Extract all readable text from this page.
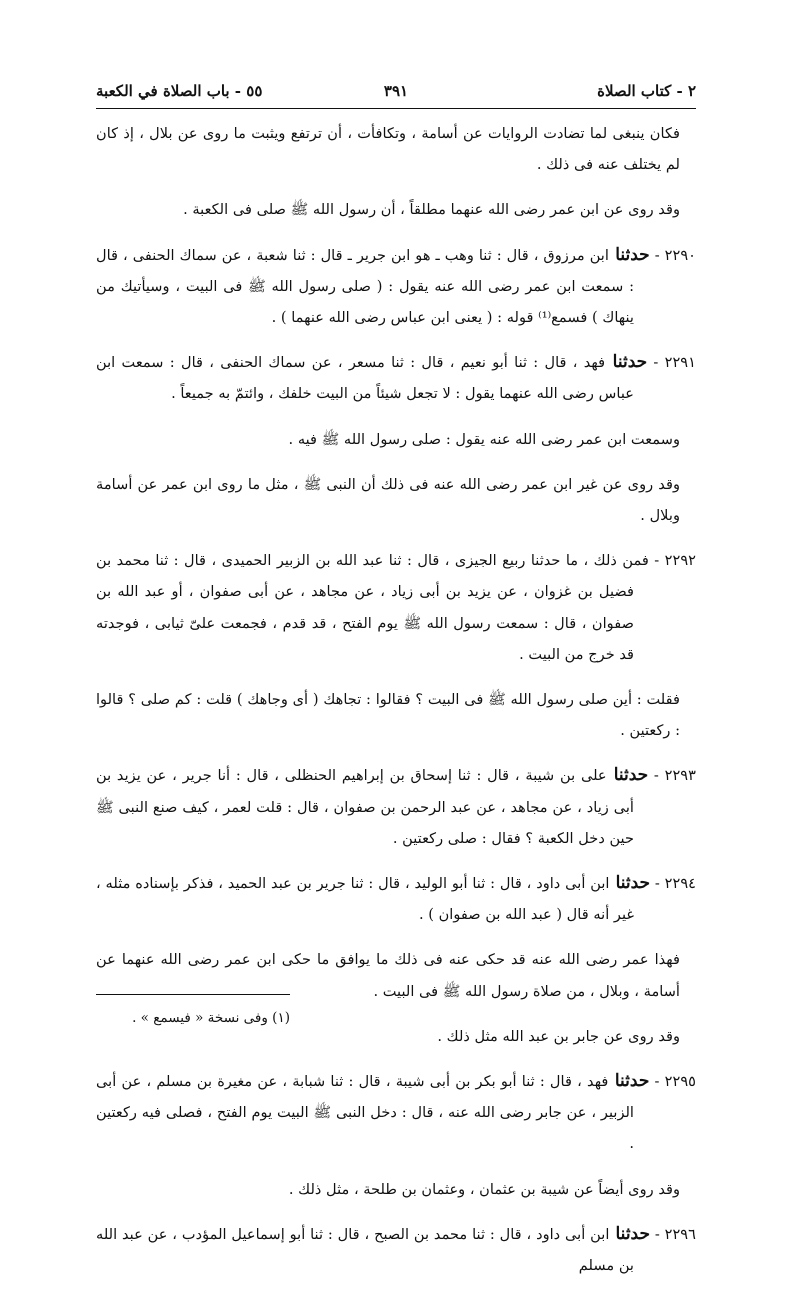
٢ - كتاب الصلاة
٣٩١
٥٥ - باب الصلاة في الكعبة

فكان ينبغى لما تضادت الروايات عن أسامة ، وتكافأت ، أن ترتفع ويثبت ما روى عن بلال ، إذ كان لم يختلف عنه فى ذلك .

وقد روى عن ابن عمر رضى الله عنهما مطلقاً ، أن رسول الله ﷺ صلى فى الكعبة .

٢٢٩٠ - حدثنا ابن مرزوق ، قال : ثنا وهب ـ هو ابن جرير ـ قال : ثنا شعبة ، عن سماك الحنفى ، قال : سمعت ابن عمر رضى الله عنه يقول : ( صلى رسول الله ﷺ فى البيت ، وسيأتيك من ينهاك ) فسمع⁽¹⁾ قوله : ( يعنى ابن عباس رضى الله عنهما ) .

٢٢٩١ - حدثنا فهد ، قال : ثنا أبو نعيم ، قال : ثنا مسعر ، عن سماك الحنفى ، قال : سمعت ابن عباس رضى الله عنهما يقول : لا تجعل شيئاً من البيت خلفك ، وائتمّ به جميعاً .

وسمعت ابن عمر رضى الله عنه يقول : صلى رسول الله ﷺ فيه .

وقد روى عن غير ابن عمر رضى الله عنه فى ذلك أن النبى ﷺ ، مثل ما روى ابن عمر عن أسامة وبلال .

٢٢٩٢ - فمن ذلك ، ما حدثنا ربيع الجيزى ، قال : ثنا عبد الله بن الزبير الحميدى ، قال : ثنا محمد بن فضيل بن غزوان ، عن يزيد بن أبى زياد ، عن مجاهد ، عن أبى صفوان ، أو عبد الله بن صفوان ، قال : سمعت رسول الله ﷺ يوم الفتح ، قد قدم ، فجمعت علىّ ثيابى ، فوجدته قد خرج من البيت .

فقلت : أين صلى رسول الله ﷺ فى البيت ؟ فقالوا : تجاهك ( أى وجاهك ) قلت : كم صلى ؟ قالوا : ركعتين .

٢٢٩٣ - حدثنا على بن شيبة ، قال : ثنا إسحاق بن إبراهيم الحنظلى ، قال : أنا جرير ، عن يزيد بن أبى زياد ، عن مجاهد ، عن عبد الرحمن بن صفوان ، قال : قلت لعمر ، كيف صنع النبى ﷺ حين دخل الكعبة ؟ فقال : صلى ركعتين .

٢٢٩٤ - حدثنا ابن أبى داود ، قال : ثنا أبو الوليد ، قال : ثنا جرير بن عبد الحميد ، فذكر بإسناده مثله ، غير أنه قال ( عبد الله بن صفوان ) .

فهذا عمر رضى الله عنه قد حكى عنه فى ذلك ما يوافق ما حكى ابن عمر رضى الله عنهما عن أسامة ، وبلال ، من صلاة رسول الله ﷺ فى البيت .

وقد روى عن جابر بن عبد الله مثل ذلك .

٢٢٩٥ - حدثنا فهد ، قال : ثنا أبو بكر بن أبى شيبة ، قال : ثنا شبابة ، عن مغيرة بن مسلم ، عن أبى الزبير ، عن جابر رضى الله عنه ، قال : دخل النبى ﷺ البيت يوم الفتح ، فصلى فيه ركعتين .

وقد روى أيضاً عن شيبة بن عثمان ، وعثمان بن طلحة ، مثل ذلك .

٢٢٩٦ - حدثنا ابن أبى داود ، قال : ثنا محمد بن الصبح ، قال : ثنا أبو إسماعيل المؤدب ، عن عبد الله بن مسلم

(١) وفى نسخة « فيسمع » .
